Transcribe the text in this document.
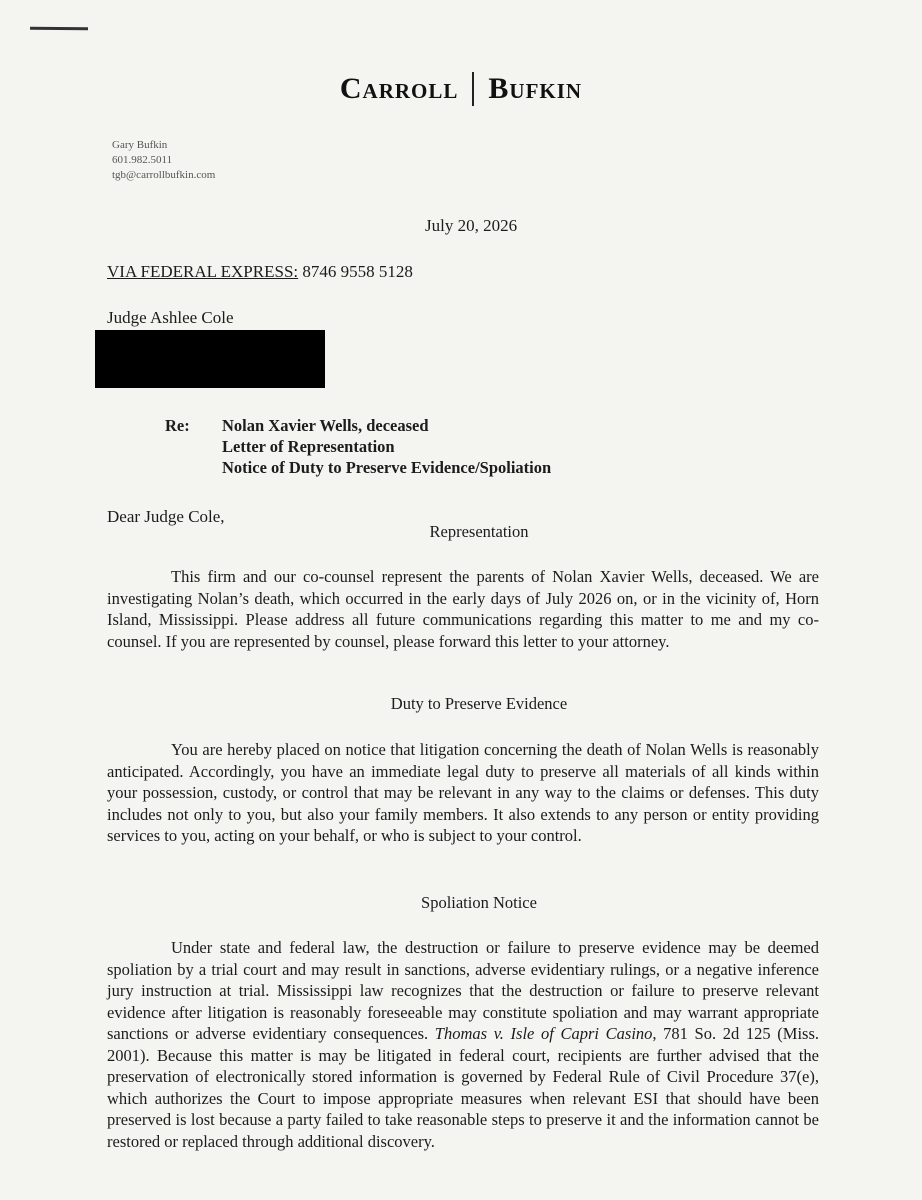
Carroll Bufkin
Gary Bufkin
601.982.5011
tgb@carrollbufkin.com
July 20, 2026
VIA FEDERAL EXPRESS: 8746 9558 5128
Judge Ashlee Cole
Re:	Nolan Xavier Wells, deceased
Letter of Representation
Notice of Duty to Preserve Evidence/Spoliation
Dear Judge Cole,
Representation
This firm and our co-counsel represent the parents of Nolan Xavier Wells, deceased. We are investigating Nolan’s death, which occurred in the early days of July 2026 on, or in the vicinity of, Horn Island, Mississippi. Please address all future communications regarding this matter to me and my co-counsel. If you are represented by counsel, please forward this letter to your attorney.
Duty to Preserve Evidence
You are hereby placed on notice that litigation concerning the death of Nolan Wells is reasonably anticipated. Accordingly, you have an immediate legal duty to preserve all materials of all kinds within your possession, custody, or control that may be relevant in any way to the claims or defenses. This duty includes not only to you, but also your family members. It also extends to any person or entity providing services to you, acting on your behalf, or who is subject to your control.
Spoliation Notice
Under state and federal law, the destruction or failure to preserve evidence may be deemed spoliation by a trial court and may result in sanctions, adverse evidentiary rulings, or a negative inference jury instruction at trial. Mississippi law recognizes that the destruction or failure to preserve relevant evidence after litigation is reasonably foreseeable may constitute spoliation and may warrant appropriate sanctions or adverse evidentiary consequences. Thomas v. Isle of Capri Casino, 781 So. 2d 125 (Miss. 2001). Because this matter is may be litigated in federal court, recipients are further advised that the preservation of electronically stored information is governed by Federal Rule of Civil Procedure 37(e), which authorizes the Court to impose appropriate measures when relevant ESI that should have been preserved is lost because a party failed to take reasonable steps to preserve it and the information cannot be restored or replaced through additional discovery.
